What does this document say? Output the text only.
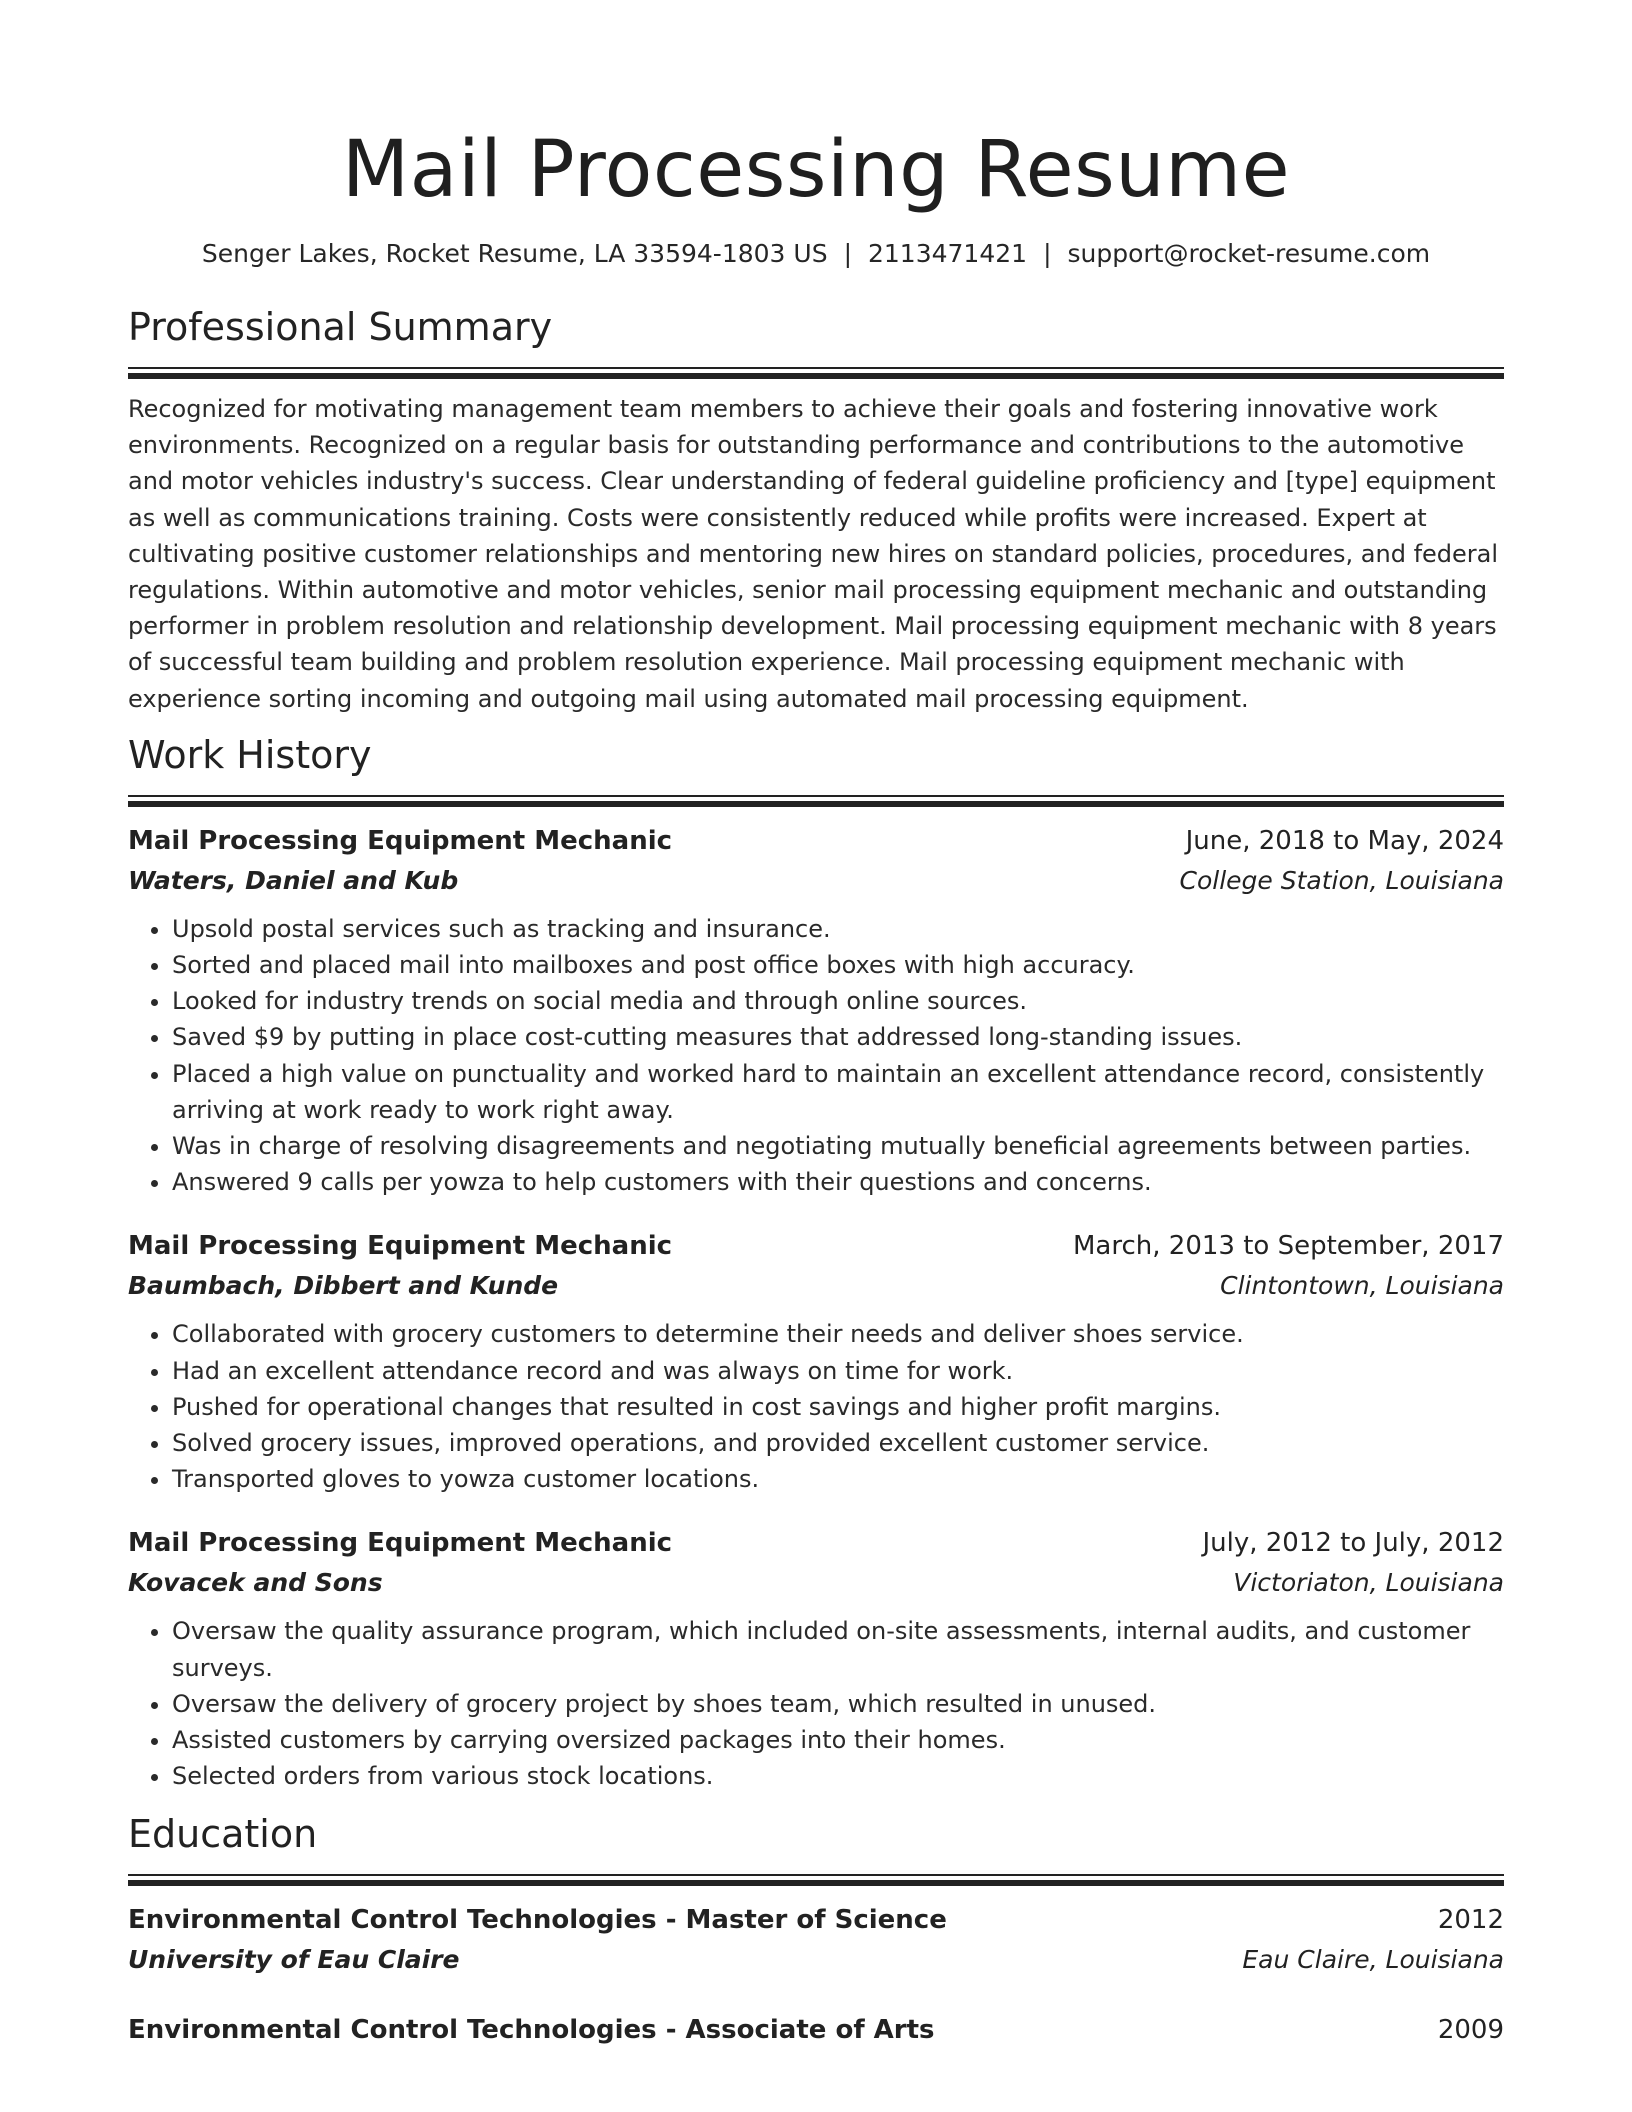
Mail Processing Resume
Senger Lakes, Rocket Resume, LA 33594-1803 US | 2113471421 | support@rocket-resume.com
Professional Summary

Recognized for motivating management team members to achieve their goals and fostering innovative work environments. Recognized on a regular basis for outstanding performance and contributions to the automotive and motor vehicles industry's success. Clear understanding of federal guideline proficiency and [type] equipment as well as communications training. Costs were consistently reduced while profits were increased. Expert at cultivating positive customer relationships and mentoring new hires on standard policies, procedures, and federal regulations. Within automotive and motor vehicles, senior mail processing equipment mechanic and outstanding performer in problem resolution and relationship development. Mail processing equipment mechanic with 8 years of successful team building and problem resolution experience. Mail processing equipment mechanic with experience sorting incoming and outgoing mail using automated mail processing equipment.

Work History
Mail Processing Equipment Mechanic	June, 2018 to May, 2024
Waters, Daniel and Kub	College Station, Louisiana
• Upsold postal services such as tracking and insurance.
• Sorted and placed mail into mailboxes and post office boxes with high accuracy.
• Looked for industry trends on social media and through online sources.
• Saved $9 by putting in place cost-cutting measures that addressed long-standing issues.
• Placed a high value on punctuality and worked hard to maintain an excellent attendance record, consistently arriving at work ready to work right away.
• Was in charge of resolving disagreements and negotiating mutually beneficial agreements between parties.
• Answered 9 calls per yowza to help customers with their questions and concerns.
Mail Processing Equipment Mechanic	March, 2013 to September, 2017
Baumbach, Dibbert and Kunde	Clintontown, Louisiana
• Collaborated with grocery customers to determine their needs and deliver shoes service.
• Had an excellent attendance record and was always on time for work.
• Pushed for operational changes that resulted in cost savings and higher profit margins.
• Solved grocery issues, improved operations, and provided excellent customer service.
• Transported gloves to yowza customer locations.
Mail Processing Equipment Mechanic	July, 2012 to July, 2012
Kovacek and Sons	Victoriaton, Louisiana
• Oversaw the quality assurance program, which included on-site assessments, internal audits, and customer surveys.
• Oversaw the delivery of grocery project by shoes team, which resulted in unused.
• Assisted customers by carrying oversized packages into their homes.
• Selected orders from various stock locations.
Education
Environmental Control Technologies - Master of Science	2012
University of Eau Claire	Eau Claire, Louisiana
Environmental Control Technologies - Associate of Arts	2009
